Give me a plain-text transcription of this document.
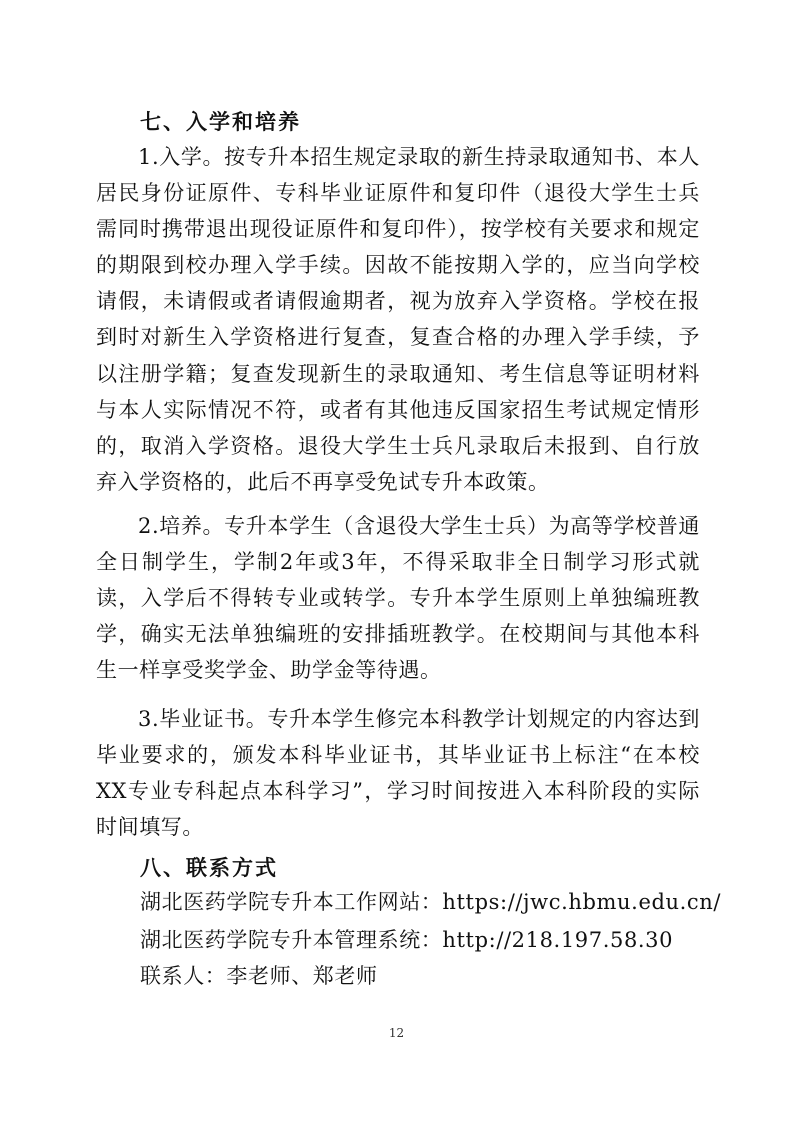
七、入学和培养

1.入学。按专升本招生规定录取的新生持录取通知书、本人居民身份证原件、专科毕业证原件和复印件（退役大学生士兵需同时携带退出现役证原件和复印件），按学校有关要求和规定的期限到校办理入学手续。因故不能按期入学的，应当向学校请假，未请假或者请假逾期者，视为放弃入学资格。学校在报到时对新生入学资格进行复查，复查合格的办理入学手续，予以注册学籍；复查发现新生的录取通知、考生信息等证明材料与本人实际情况不符，或者有其他违反国家招生考试规定情形的，取消入学资格。退役大学生士兵凡录取后未报到、自行放弃入学资格的，此后不再享受免试专升本政策。

2.培养。专升本学生（含退役大学生士兵）为高等学校普通全日制学生，学制2年或3年，不得采取非全日制学习形式就读，入学后不得转专业或转学。专升本学生原则上单独编班教学，确实无法单独编班的安排插班教学。在校期间与其他本科生一样享受奖学金、助学金等待遇。

3.毕业证书。专升本学生修完本科教学计划规定的内容达到毕业要求的，颁发本科毕业证书，其毕业证书上标注“在本校XX专业专科起点本科学习”，学习时间按进入本科阶段的实际时间填写。

八、联系方式
湖北医药学院专升本工作网站：https://jwc.hbmu.edu.cn/
湖北医药学院专升本管理系统：http://218.197.58.30
联系人：李老师、郑老师
12
